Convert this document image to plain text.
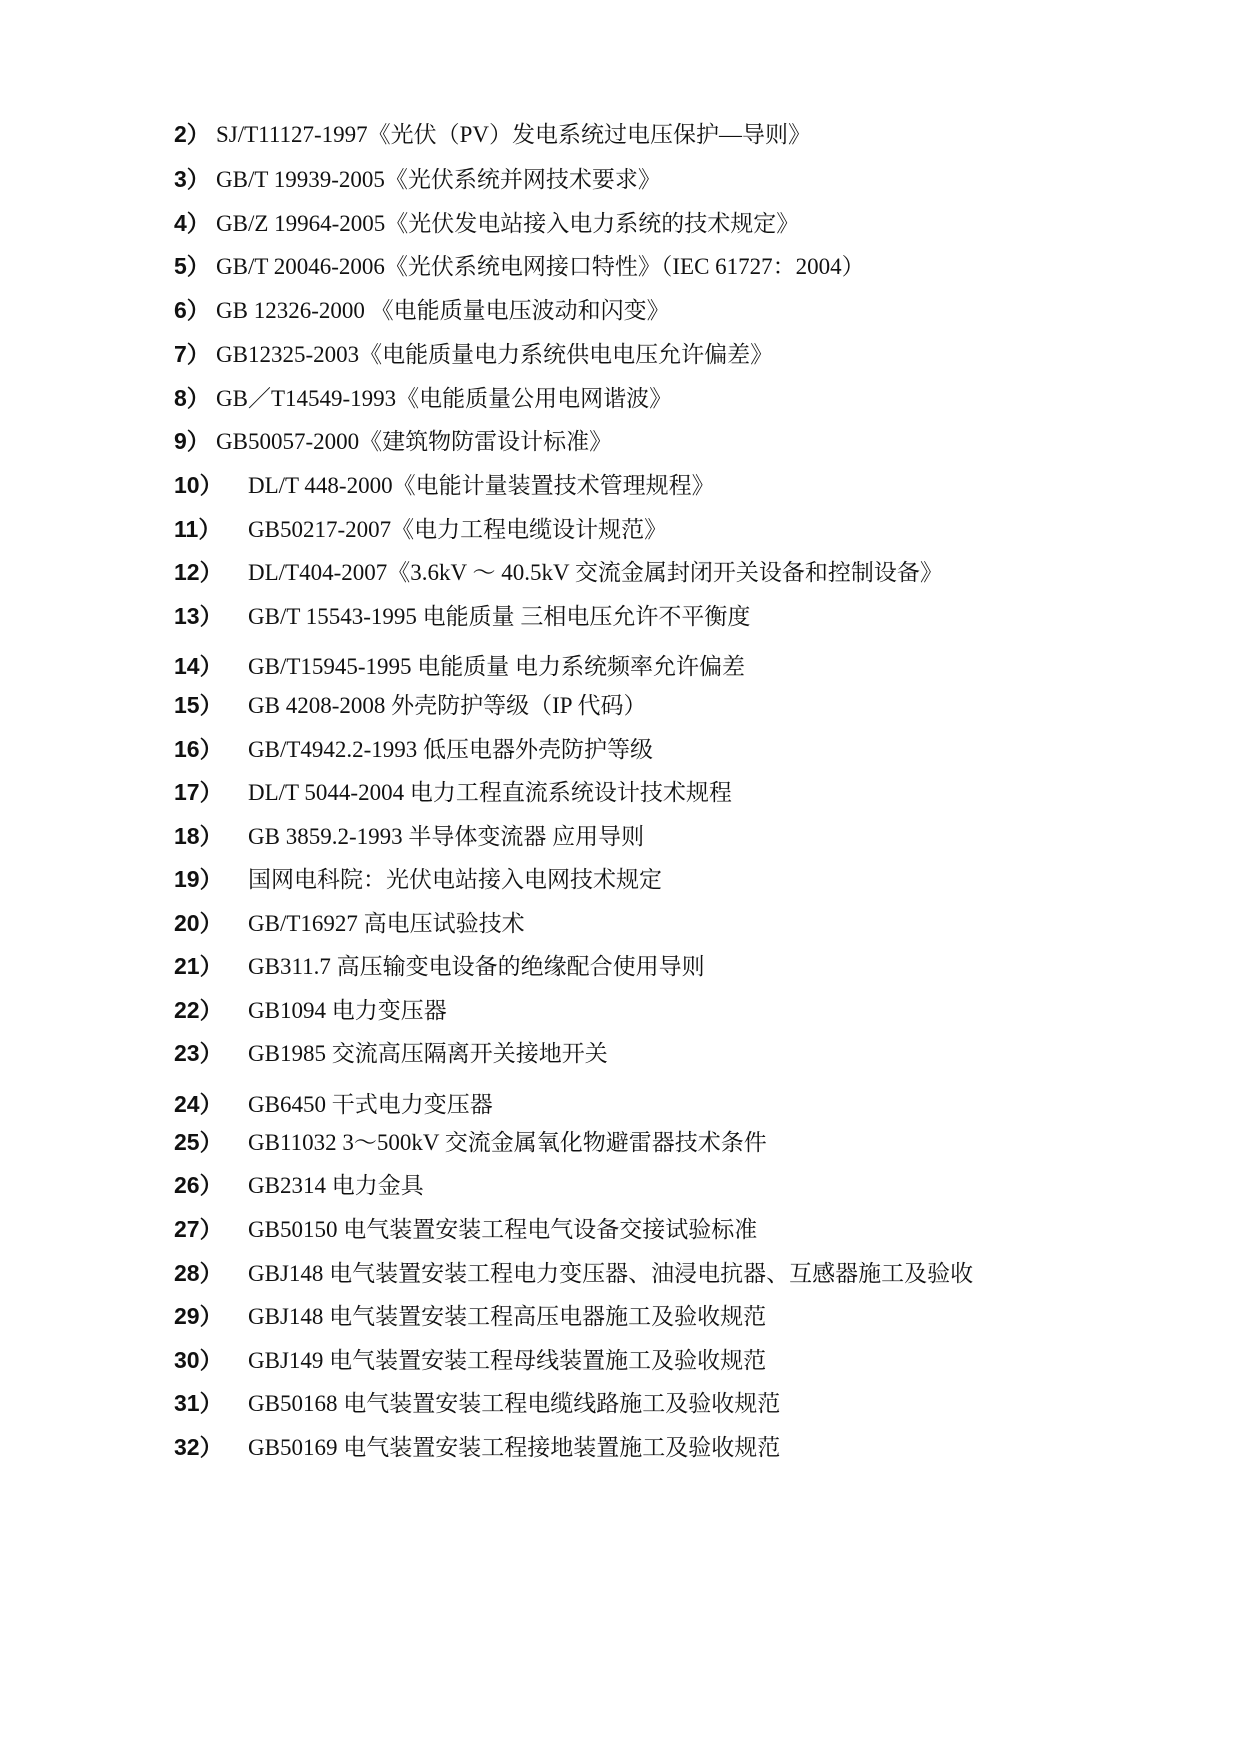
2） SJ/T11127-1997《光伏（PV）发电系统过电压保护—导则》
3） GB/T 19939-2005《光伏系统并网技术要求》
4） GB/Z 19964-2005《光伏发电站接入电力系统的技术规定》
5） GB/T 20046-2006《光伏系统电网接口特性》（IEC 61727：2004）
6） GB 12326-2000 《电能质量电压波动和闪变》
7） GB12325-2003《电能质量电力系统供电电压允许偏差》
8） GB／T14549-1993《电能质量公用电网谐波》
9） GB50057-2000《建筑物防雷设计标准》
10） DL/T 448-2000《电能计量装置技术管理规程》
11） GB50217-2007《电力工程电缆设计规范》
12） DL/T404-2007《3.6kV ～ 40.5kV 交流金属封闭开关设备和控制设备》
13） GB/T 15543-1995 电能质量 三相电压允许不平衡度
14） GB/T15945-1995 电能质量 电力系统频率允许偏差
15） GB 4208-2008 外壳防护等级（IP 代码）
16） GB/T4942.2-1993 低压电器外壳防护等级
17） DL/T 5044-2004 电力工程直流系统设计技术规程
18） GB 3859.2-1993 半导体变流器 应用导则
19） 国网电科院：光伏电站接入电网技术规定
20） GB/T16927 高电压试验技术
21） GB311.7 高压输变电设备的绝缘配合使用导则
22） GB1094 电力变压器
23） GB1985 交流高压隔离开关接地开关
24） GB6450 干式电力变压器
25） GB11032 3～500kV 交流金属氧化物避雷器技术条件
26） GB2314 电力金具
27） GB50150 电气装置安装工程电气设备交接试验标准
28） GBJ148 电气装置安装工程电力变压器、油浸电抗器、互感器施工及验收
29） GBJ148 电气装置安装工程高压电器施工及验收规范
30） GBJ149 电气装置安装工程母线装置施工及验收规范
31） GB50168 电气装置安装工程电缆线路施工及验收规范
32） GB50169 电气装置安装工程接地装置施工及验收规范
